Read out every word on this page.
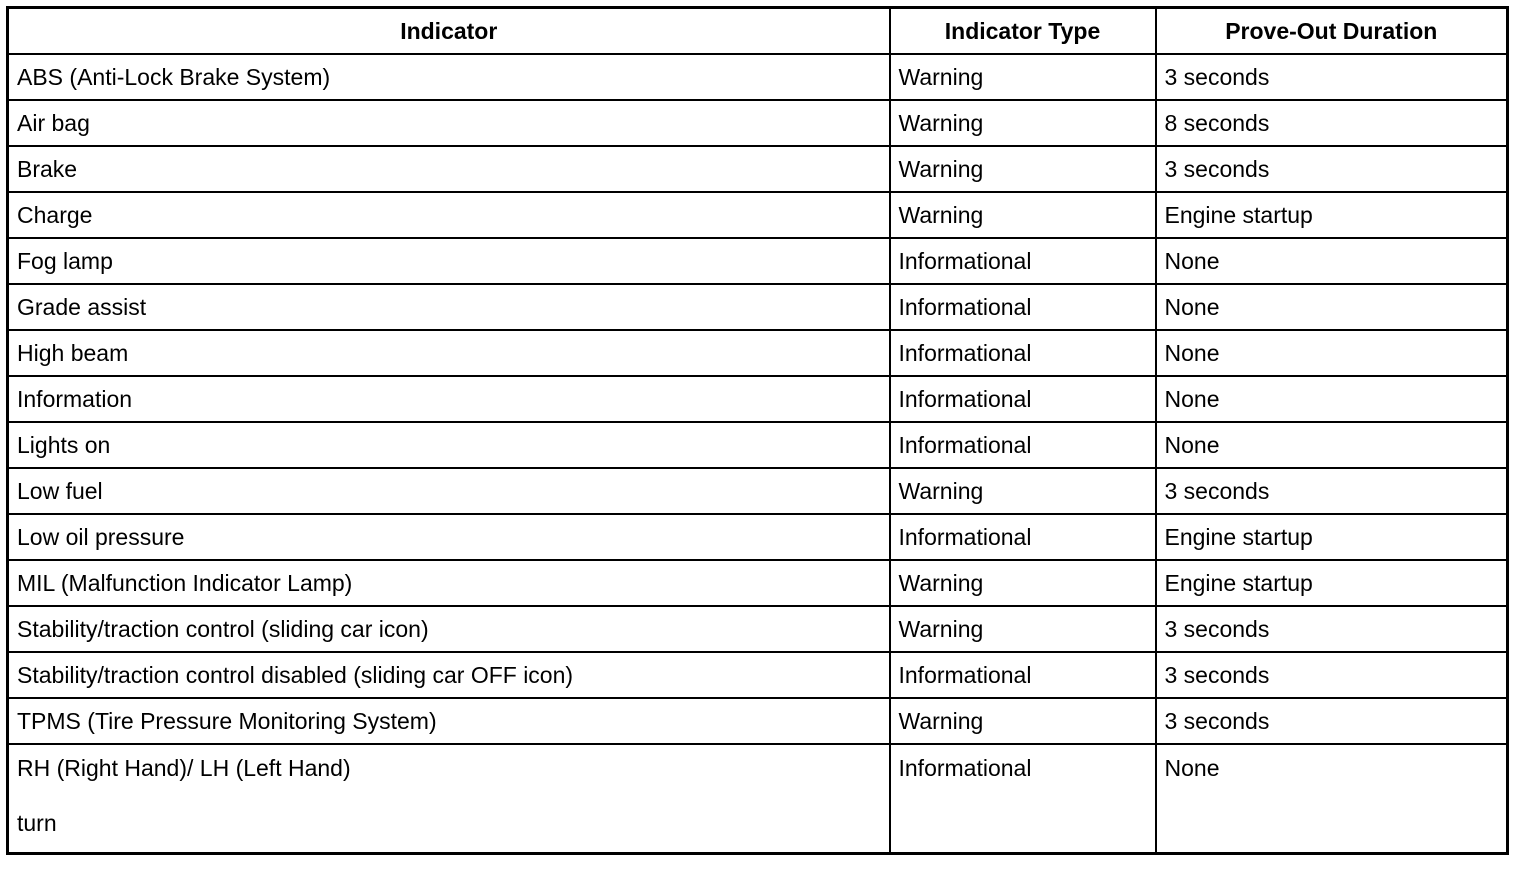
Indicator	Indicator Type	Prove-Out Duration

ABS (Anti-Lock Brake System)	Warning	3 seconds

Air bag	Warning	8 seconds

Brake	Warning	3 seconds

Charge	Warning	Engine startup

Fog lamp	Informational	None

Grade assist	Informational	None

High beam	Informational	None

Information	Informational	None

Lights on	Informational	None

Low fuel	Warning	3 seconds

Low oil pressure	Informational	Engine startup

MIL (Malfunction Indicator Lamp)	Warning	Engine startup

Stability/traction control (sliding car icon)	Warning	3 seconds

Stability/traction control disabled (sliding car OFF icon)	Informational	3 seconds

TPMS (Tire Pressure Monitoring System)	Warning	3 seconds

RH (Right Hand)/ LH (Left Hand)
turn	Informational	None
